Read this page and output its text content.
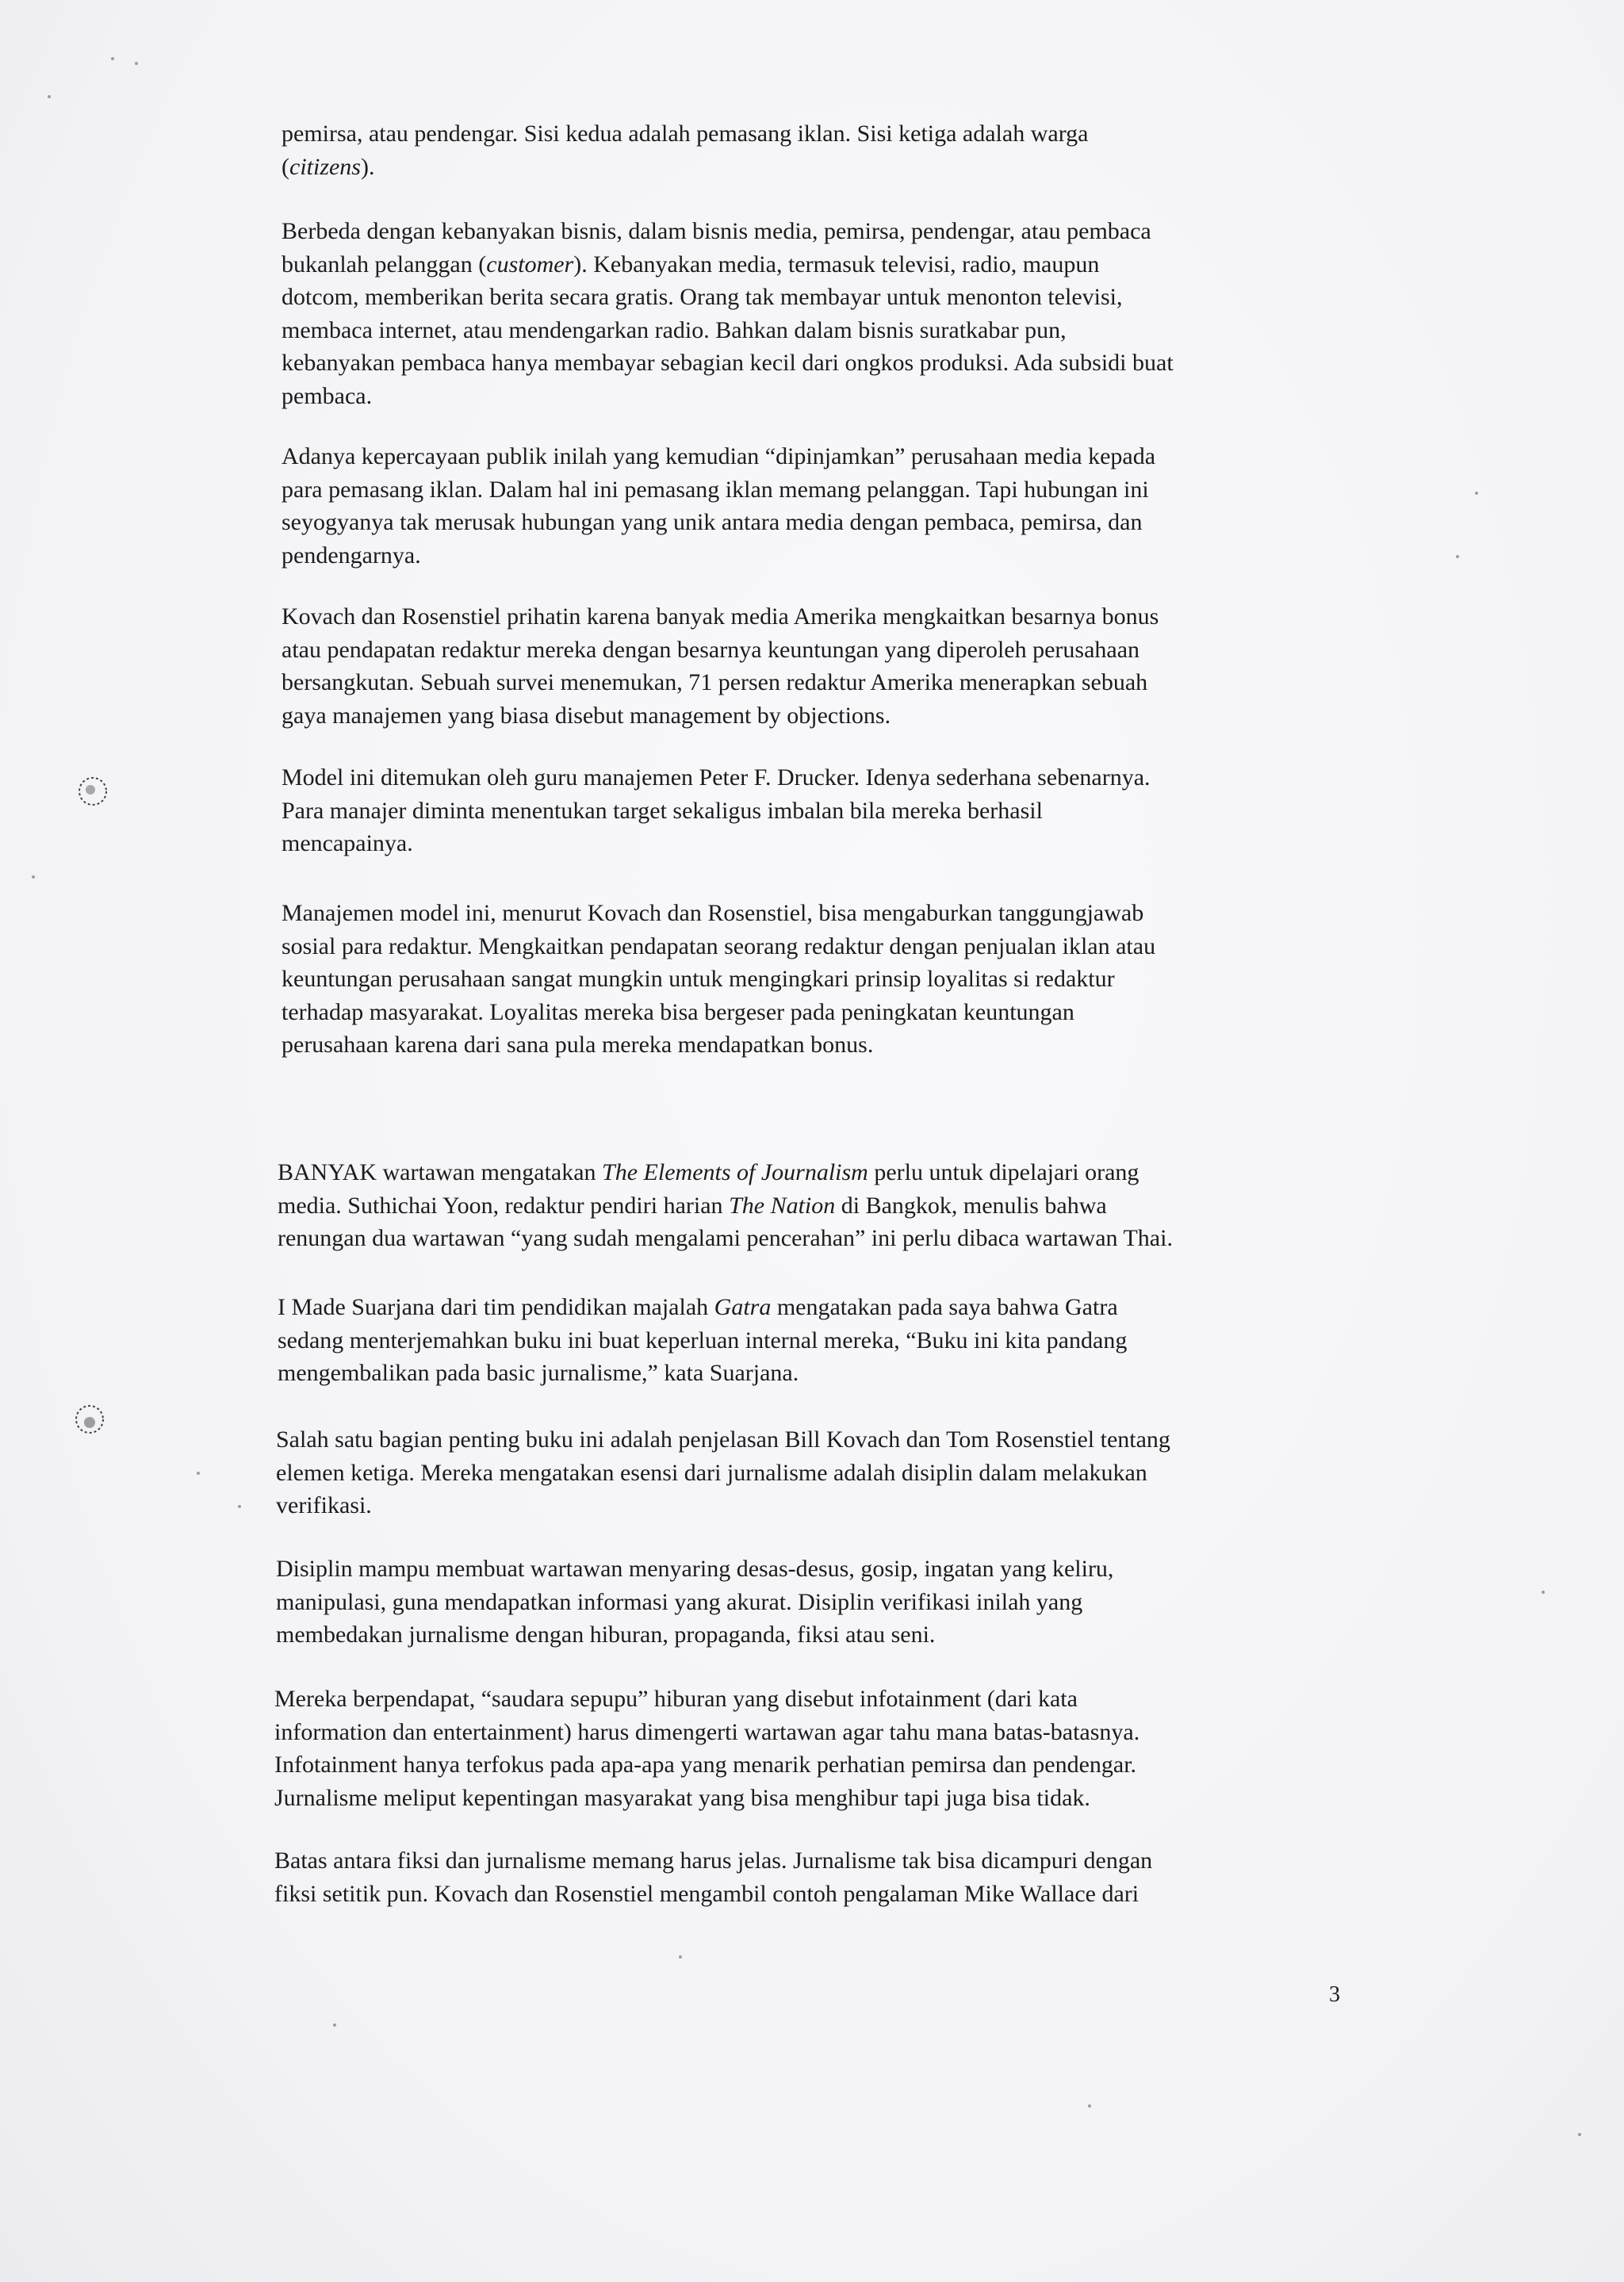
pemirsa, atau pendengar. Sisi kedua adalah pemasang iklan. Sisi ketiga adalah warga
(citizens).
Berbeda dengan kebanyakan bisnis, dalam bisnis media, pemirsa, pendengar, atau pembaca
bukanlah pelanggan (customer). Kebanyakan media, termasuk televisi, radio, maupun
dotcom, memberikan berita secara gratis. Orang tak membayar untuk menonton televisi,
membaca internet, atau mendengarkan radio. Bahkan dalam bisnis suratkabar pun,
kebanyakan pembaca hanya membayar sebagian kecil dari ongkos produksi. Ada subsidi buat
pembaca.
Adanya kepercayaan publik inilah yang kemudian “dipinjamkan” perusahaan media kepada
para pemasang iklan. Dalam hal ini pemasang iklan memang pelanggan. Tapi hubungan ini
seyogyanya tak merusak hubungan yang unik antara media dengan pembaca, pemirsa, dan
pendengarnya.
Kovach dan Rosenstiel prihatin karena banyak media Amerika mengkaitkan besarnya bonus
atau pendapatan redaktur mereka dengan besarnya keuntungan yang diperoleh perusahaan
bersangkutan. Sebuah survei menemukan, 71 persen redaktur Amerika menerapkan sebuah
gaya manajemen yang biasa disebut management by objections.
Model ini ditemukan oleh guru manajemen Peter F. Drucker. Idenya sederhana sebenarnya.
Para manajer diminta menentukan target sekaligus imbalan bila mereka berhasil
mencapainya.
Manajemen model ini, menurut Kovach dan Rosenstiel, bisa mengaburkan tanggungjawab
sosial para redaktur. Mengkaitkan pendapatan seorang redaktur dengan penjualan iklan atau
keuntungan perusahaan sangat mungkin untuk mengingkari prinsip loyalitas si redaktur
terhadap masyarakat. Loyalitas mereka bisa bergeser pada peningkatan keuntungan
perusahaan karena dari sana pula mereka mendapatkan bonus.
BANYAK wartawan mengatakan The Elements of Journalism perlu untuk dipelajari orang
media. Suthichai Yoon, redaktur pendiri harian The Nation di Bangkok, menulis bahwa
renungan dua wartawan “yang sudah mengalami pencerahan” ini perlu dibaca wartawan Thai.
I Made Suarjana dari tim pendidikan majalah Gatra mengatakan pada saya bahwa Gatra
sedang menterjemahkan buku ini buat keperluan internal mereka, “Buku ini kita pandang
mengembalikan pada basic jurnalisme,” kata Suarjana.
Salah satu bagian penting buku ini adalah penjelasan Bill Kovach dan Tom Rosenstiel tentang
elemen ketiga. Mereka mengatakan esensi dari jurnalisme adalah disiplin dalam melakukan
verifikasi.
Disiplin mampu membuat wartawan menyaring desas-desus, gosip, ingatan yang keliru,
manipulasi, guna mendapatkan informasi yang akurat. Disiplin verifikasi inilah yang
membedakan jurnalisme dengan hiburan, propaganda, fiksi atau seni.
Mereka berpendapat, “saudara sepupu” hiburan yang disebut infotainment (dari kata
information dan entertainment) harus dimengerti wartawan agar tahu mana batas-batasnya.
Infotainment hanya terfokus pada apa-apa yang menarik perhatian pemirsa dan pendengar.
Jurnalisme meliput kepentingan masyarakat yang bisa menghibur tapi juga bisa tidak.
Batas antara fiksi dan jurnalisme memang harus jelas. Jurnalisme tak bisa dicampuri dengan
fiksi setitik pun. Kovach dan Rosenstiel mengambil contoh pengalaman Mike Wallace dari
3
